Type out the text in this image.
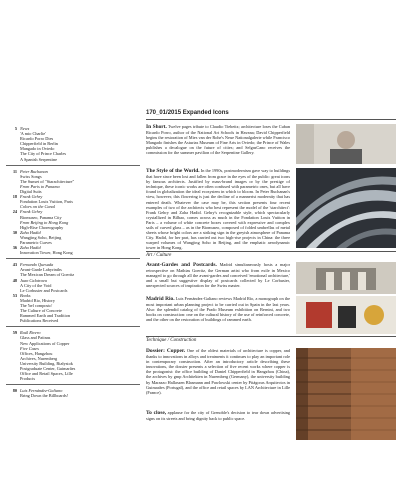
5 News
'A mio Charlie'
Ricardo Porro Dies
Chipperfield in Berlin
Mangado in Oviedo
The City of Prince Charles
A Spanish Serpentine
11 Peter Buchanan
Swiss Songs
The Sunset of "Starachitecture"
From Paris to Panama
Digital Suits
18 Frank Gehry
Fondation Louis Vuitton, Paris
Colors on the Canal
24 Frank Gehry
Biomuseo, Panama City
From Beijing to Hong Kong
High-Rise Choreography
30 Zaha Hadid
Wangjing Soho, Beijing
Parametric Curves
36 Zaha Hadid
Innovation Tower, Hong Kong
43 Fernando Quesada
Avant-Garde Labyrinths
The Mexican Dream of Goeritz
48 Juan Calatrava
A City of the Void
Le Corbusier and Postcards
53 Books
Madrid Rio, History
The 'bel composto'
The Culture of Concrete
Rammed Earth and Tradition
Publications Received
59 Raúl Rivero
Glass and Patinas
New Applications of Copper
Five Cases
Offices, Hangzhou
Archives, Nuremberg
University Building, Białystok
Postgraduate Center, Guimarães
Office and Retail Spaces, Lille
Products
80 Luis Fernández-Galiano
Bring Down the Billboards!
170_01/2015 Expanded Icons
In Short. Twelve pages tribute to Claudio Tiebeitz; architecture loses the Cuban Ricardo Porro, author of the National Art Schools in Havana; David Chipperfield begins the restoration of Mies van der Rohe's Neue Nationalgalerie while Francisco Mangado finishes the Asturias Museum of Fine Arts in Oviedo; the Prince of Wales publishes a decalogue on the future of cities; and SelgasCano receives the commission for the summer pavilion of the Serpentine Gallery.
The Style of the World. In the 1990s, postmodernism gave way to buildings that have since been lost and fallen from grace in the eyes of the public: great icons by famous architects. Justified by mass-brand images or by the prestige of technique, these iconic works are often confused with parametric ones, but all have found in globalization the ideal ecosystem in which to bloom. In Peter Buchanan's view, however, this flowering is just the decline of a mannerist modernity that has entered death. Whatever the case may be, this section presents four recent examples of two of the architects who best represent the model of the 'starchitect': Frank Gehry and Zaha Hadid. Gehry's recognizable style, which spectacularly crystallized in Bilbao, comes across as much in the Fondation Louis Vuitton in Paris – a volume of white concrete boxes covered with expressive and complex sails of curved glass – as in the Biomuseo, composed of folded umbrellas of metal sheets whose bright colors are a striking sign in the greyish atmosphere of Panama City. Hadid, for her part, has carried out two high-rise projects in China: the three warped volumes of Wangjing Soho in Beijing, and the emphatic aerodynamic tower in Hong Kong.
Art / Culture
Avant-Gardes and Postcards. Madrid simultaneously hosts a major retrospective on Mathias Goeritz, the German artist who from exile in Mexico managed to go through all the avant-gardes and conceived 'emotional architecture,' and a small but suggestive display of postcards collected by Le Corbusier, unexpected sources of inspiration for the Swiss master.
Madrid Rio. Luis Fernández-Galiano reviews Madrid Río, a monograph on the most important urban planning project to be carried out in Spain in the last years. Also: the splendid catalog of the Prado Museum exhibition on Bernini, and two books on construction: one on the cultural history of the use of reinforced concrete, and the other on the restoration of buildings of rammed earth.
Technique / Construction
Dossier: Copper. One of the oldest materials of architecture is copper, and thanks to innovations in alloys and treatments it continues to play an important role in contemporary construction. After an introductory article describing these innovations, the dossier presents a selection of five recent works where copper is the protagonist: the office building of Daniel Chipperfield in Hangzhou (China), the archives by gmp Architekten in Nuremberg (Germany), the university building by Marazzo Hallaszen Blasmann and Pawlowski center by Pitágoras Arquitectos in Guimarães (Portugal), and the office and retail spaces by LAN Architecture in Lille (France).
To close, applause for the city of Grenoble's decision to tear down advertising signs on its streets and bring dignity back to public space.
